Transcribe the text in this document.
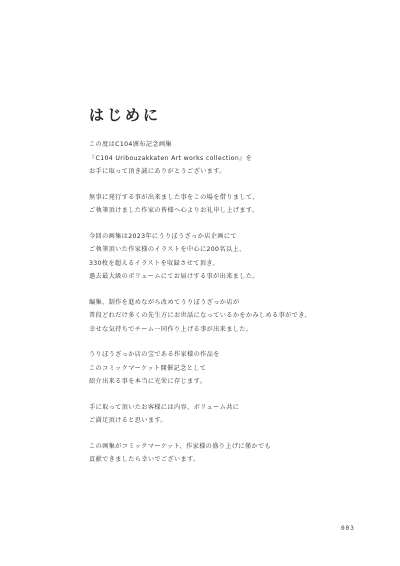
はじめに
この度はC104頒布記念画集
『C104 Uribouzakkaten Art works collection』を
お手に取って頂き誠にありがとうございます。
無事に発行する事が出来ました事をこの場を借りまして、
ご執筆頂けました作家の皆様へ心よりお礼申し上げます。
今回の画集は2023年にうりぼうざっか店企画にて
ご執筆頂いた作家様のイラストを中心に200名以上、
330枚を超えるイラストを収録させて頂き、
過去最大級のボリュームにてお届けする事が出来ました。
編集、制作を進めながら改めてうりぼうざっか店が
普段どれだけ多くの先生方にお世話になっているかをかみしめる事ができ、
幸せな気持ちでチーム一同作り上げる事が出来ました。
うりぼうざっか店の宝である作家様の作品を
このコミックマーケット開催記念として
紹介出来る事を本当に光栄に存じます。
手に取って頂いたお客様には内容、ボリューム共に
ご満足頂けると思います。
この画集がコミックマーケット、作家様の盛り上げに僅かでも
貢献できましたら幸いでございます。
003
